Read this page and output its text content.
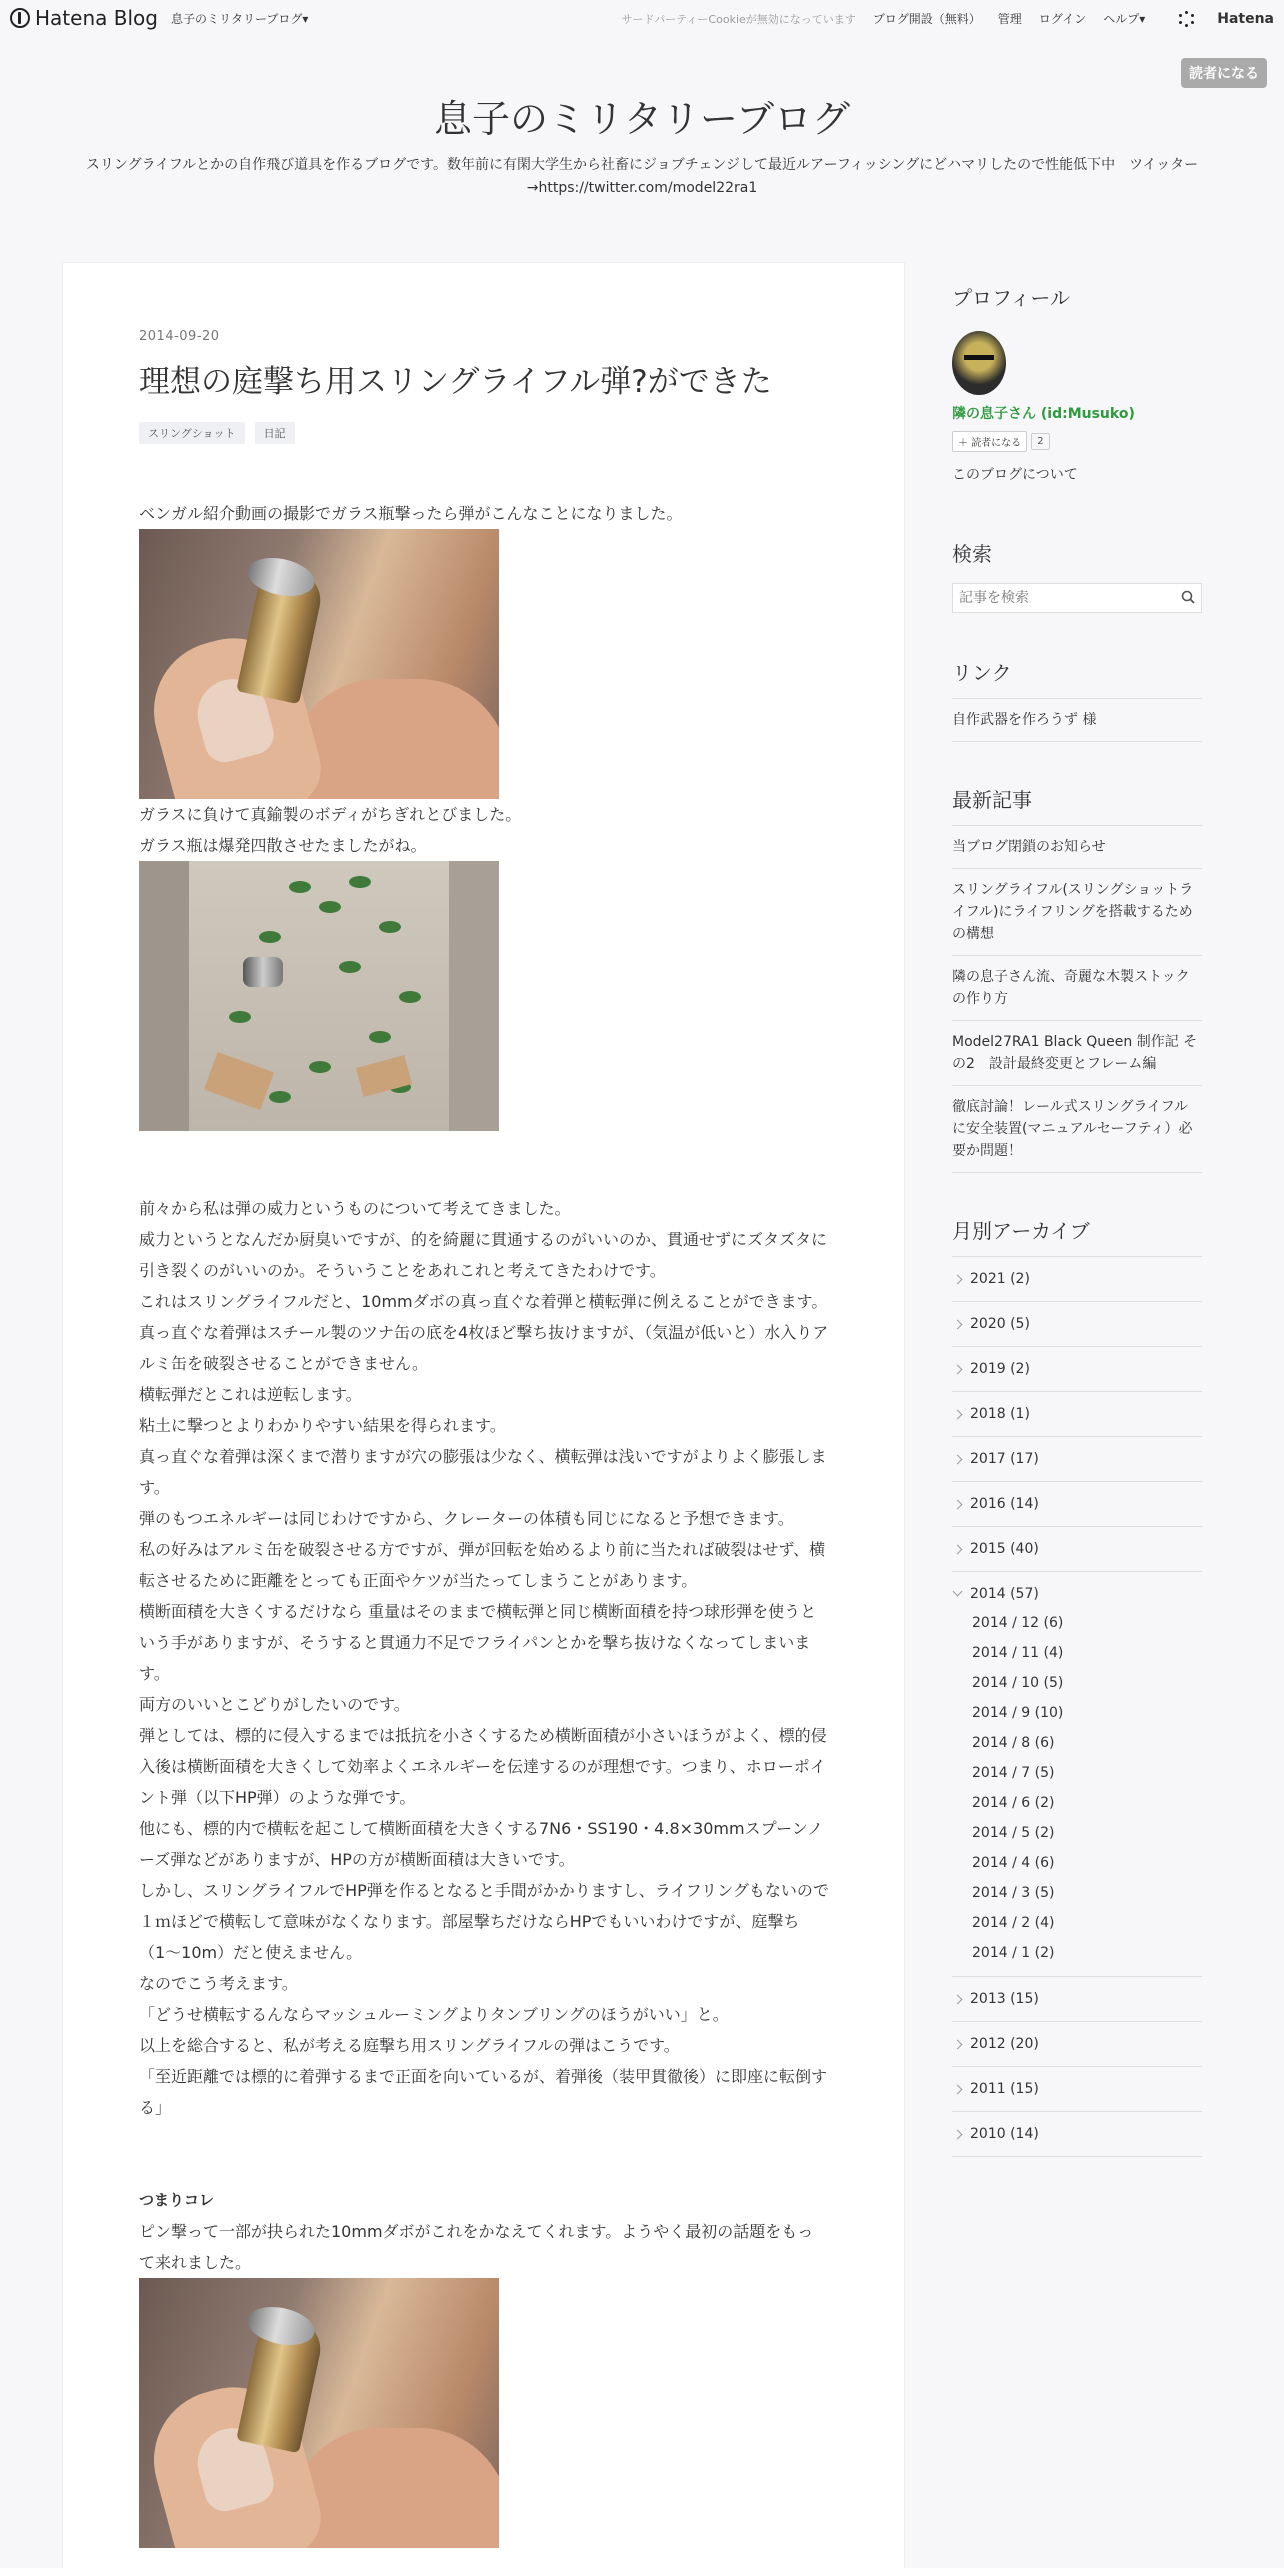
Hatena Blog 息子のミリタリーブログ▾	サードパーティーCookieが無効になっています ブログ開設（無料） 管理 ログイン ヘルプ▾	Hatena
読者になる
息子のミリタリーブログ
スリングライフルとかの自作飛び道具を作るブログです。数年前に有閑大学生から社畜にジョブチェンジして最近ルアーフィッシングにどハマリしたので性能低下中　ツイッター→https://twitter.com/model22ra1
2014-09-20
理想の庭撃ち用スリングライフル弾?ができた
スリングショット	日記

ベンガル紹介動画の撮影でガラス瓶撃ったら弾がこんなことになりました。

ガラスに負けて真鍮製のボディがちぎれとびました。

ガラス瓶は爆発四散させたましたがね。

前々から私は弾の威力というものについて考えてきました。

威力というとなんだか厨臭いですが、的を綺麗に貫通するのがいいのか、貫通せずにズタズタに引き裂くのがいいのか。そういうことをあれこれと考えてきたわけです。

これはスリングライフルだと、10mmダボの真っ直ぐな着弾と横転弾に例えることができます。

真っ直ぐな着弾はスチール製のツナ缶の底を4枚ほど撃ち抜けますが、（気温が低いと）水入りアルミ缶を破裂させることができません。

横転弾だとこれは逆転します。

粘土に撃つとよりわかりやすい結果を得られます。

真っ直ぐな着弾は深くまで潜りますが穴の膨張は少なく、横転弾は浅いですがよりよく膨張します。

弾のもつエネルギーは同じわけですから、クレーターの体積も同じになると予想できます。

私の好みはアルミ缶を破裂させる方ですが、弾が回転を始めるより前に当たれば破裂はせず、横転させるために距離をとっても正面やケツが当たってしまうことがあります。

横断面積を大きくするだけなら 重量はそのままで横転弾と同じ横断面積を持つ球形弾を使うという手がありますが、そうすると貫通力不足でフライパンとかを撃ち抜けなくなってしまいます。

両方のいいとこどりがしたいのです。

弾としては、標的に侵入するまでは抵抗を小さくするため横断面積が小さいほうがよく、標的侵入後は横断面積を大きくして効率よくエネルギーを伝達するのが理想です。つまり、ホローポイント弾（以下HP弾）のような弾です。

他にも、標的内で横転を起こして横断面積を大きくする7N6・SS190・4.8×30mmスプーンノーズ弾などがありますが、HPの方が横断面積は大きいです。

しかし、スリングライフルでHP弾を作るとなると手間がかかりますし、ライフリングもないので１ｍほどで横転して意味がなくなります。部屋撃ちだけならHPでもいいわけですが、庭撃ち（1〜10m）だと使えません。

なのでこう考えます。

「どうせ横転するんならマッシュルーミングよりタンブリングのほうがいい」と。

以上を総合すると、私が考える庭撃ち用スリングライフルの弾はこうです。

「至近距離では標的に着弾するまで正面を向いているが、着弾後（装甲貫徹後）に即座に転倒する」

つまりコレ

ピン撃って一部が抉られた10mmダボがこれをかなえてくれます。ようやく最初の話題をもって来れました。

プロフィール
隣の息子さん (id:Musuko)
＋ 読者になる	2
このブログについて
検索
記事を検索
リンク
自作武器を作ろうず 様
最新記事
当ブログ閉鎖のお知らせ
スリングライフル(スリングショットライフル)にライフリングを搭載するための構想
隣の息子さん流、奇麗な木製ストックの作り方
Model27RA1 Black Queen 制作記 その2　設計最終変更とフレーム編
徹底討論！レール式スリングライフルに安全装置(マニュアルセーフティ）必要か問題！
月別アーカイブ
2021 (2)
2020 (5)
2019 (2)
2018 (1)
2017 (17)
2016 (14)
2015 (40)
2014 (57)
2014 / 12 (6)
2014 / 11 (4)
2014 / 10 (5)
2014 / 9 (10)
2014 / 8 (6)
2014 / 7 (5)
2014 / 6 (2)
2014 / 5 (2)
2014 / 4 (6)
2014 / 3 (5)
2014 / 2 (4)
2014 / 1 (2)
2013 (15)
2012 (20)
2011 (15)
2010 (14)
